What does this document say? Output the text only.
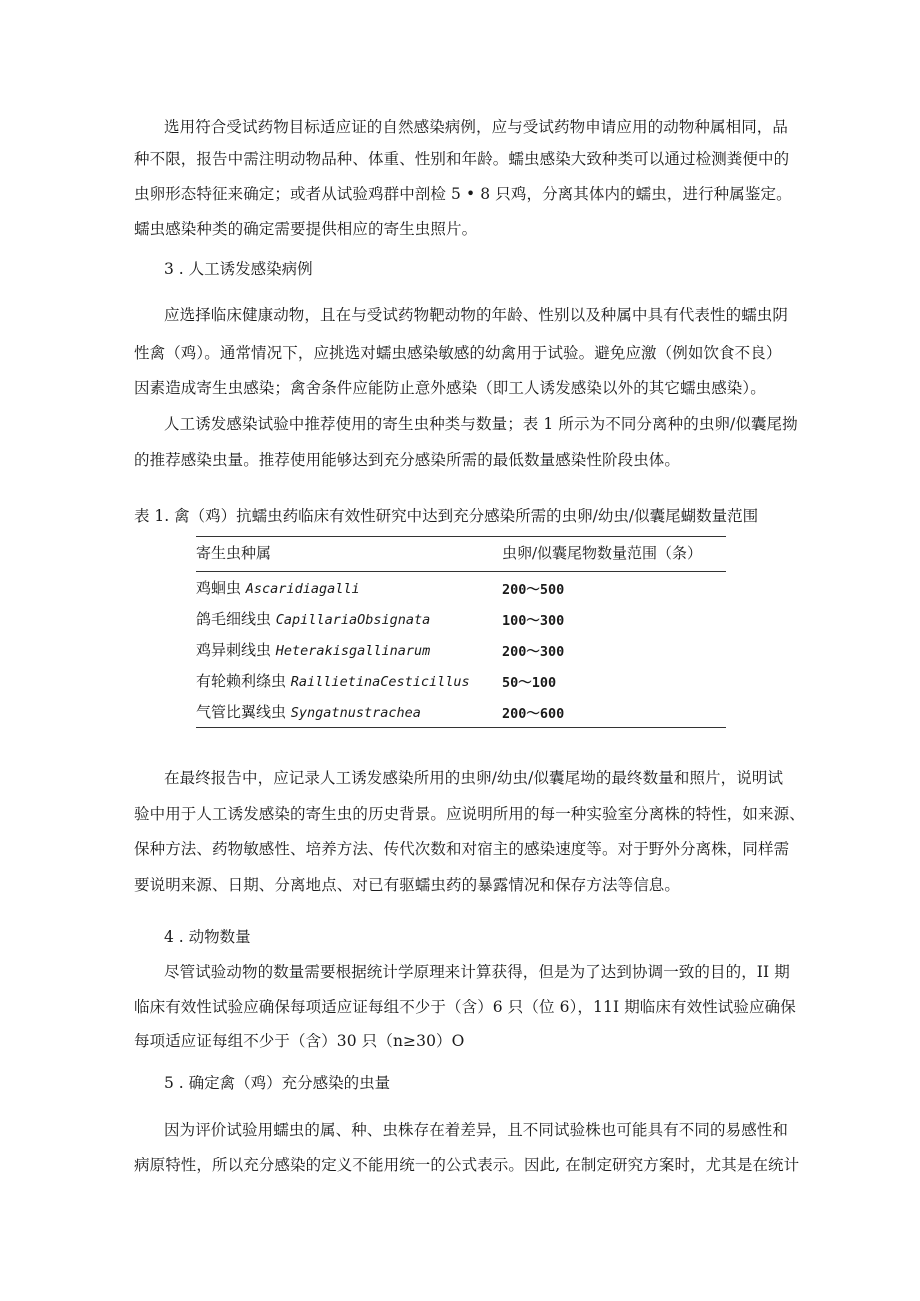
选用符合受试药物目标适应证的自然感染病例，应与受试药物申请应用的动物种属相同，品
种不限，报告中需注明动物品种、体重、性别和年龄。蠕虫感染大致种类可以通过检测粪便中的
虫卵形态特征来确定；或者从试验鸡群中剖检 5 • 8 只鸡，分离其体内的蠕虫，进行种属鉴定。
蠕虫感染种类的确定需要提供相应的寄生虫照片。
3 . 人工诱发感染病例
应选择临床健康动物，且在与受试药物靶动物的年龄、性别以及种属中具有代表性的蠕虫阴
性禽（鸡）。通常情况下，应挑选对蠕虫感染敏感的幼禽用于试验。避免应激（例如饮食不良）
因素造成寄生虫感染；禽舍条件应能防止意外感染（即工人诱发感染以外的其它蠕虫感染）。
人工诱发感染试验中推荐使用的寄生虫种类与数量；表 1 所示为不同分离种的虫卵/似囊尾拗
的推荐感染虫量。推荐使用能够达到充分感染所需的最低数量感染性阶段虫体。
表 1. 禽（鸡）抗蠕虫药临床有效性研究中达到充分感染所需的虫卵/幼虫/似囊尾蝴数量范围
寄生虫种属	虫卵/似囊尾物数量范围（条）
鸡蛔虫 Ascaridiagalli	200～500
鸽毛细线虫 CapillariaObsignata	100～300
鸡异刺线虫 Heterakisgallinarum	200～300
有轮赖利绦虫 RaillietinaCesticillus	50～100
气管比翼线虫 Syngatnustrachea	200～600
在最终报告中，应记录人工诱发感染所用的虫卵/幼虫/似囊尾坳的最终数量和照片，说明试
验中用于人工诱发感染的寄生虫的历史背景。应说明所用的每一种实验室分离株的特性，如来源、
保种方法、药物敏感性、培养方法、传代次数和对宿主的感染速度等。对于野外分离株，同样需
要说明来源、日期、分离地点、对已有驱蠕虫药的暴露情况和保存方法等信息。
4 . 动物数量
尽管试验动物的数量需要根据统计学原理来计算获得，但是为了达到协调一致的目的，II 期
临床有效性试验应确保每项适应证每组不少于（含）6 只（位 6），11I 期临床有效性试验应确保
每项适应证每组不少于（含）30 只（n≥30）O
5 . 确定禽（鸡）充分感染的虫量
因为评价试验用蠕虫的属、种、虫株存在着差异，且不同试验株也可能具有不同的易感性和
病原特性，所以充分感染的定义不能用统一的公式表示。因此, 在制定研究方案时，尤其是在统计
